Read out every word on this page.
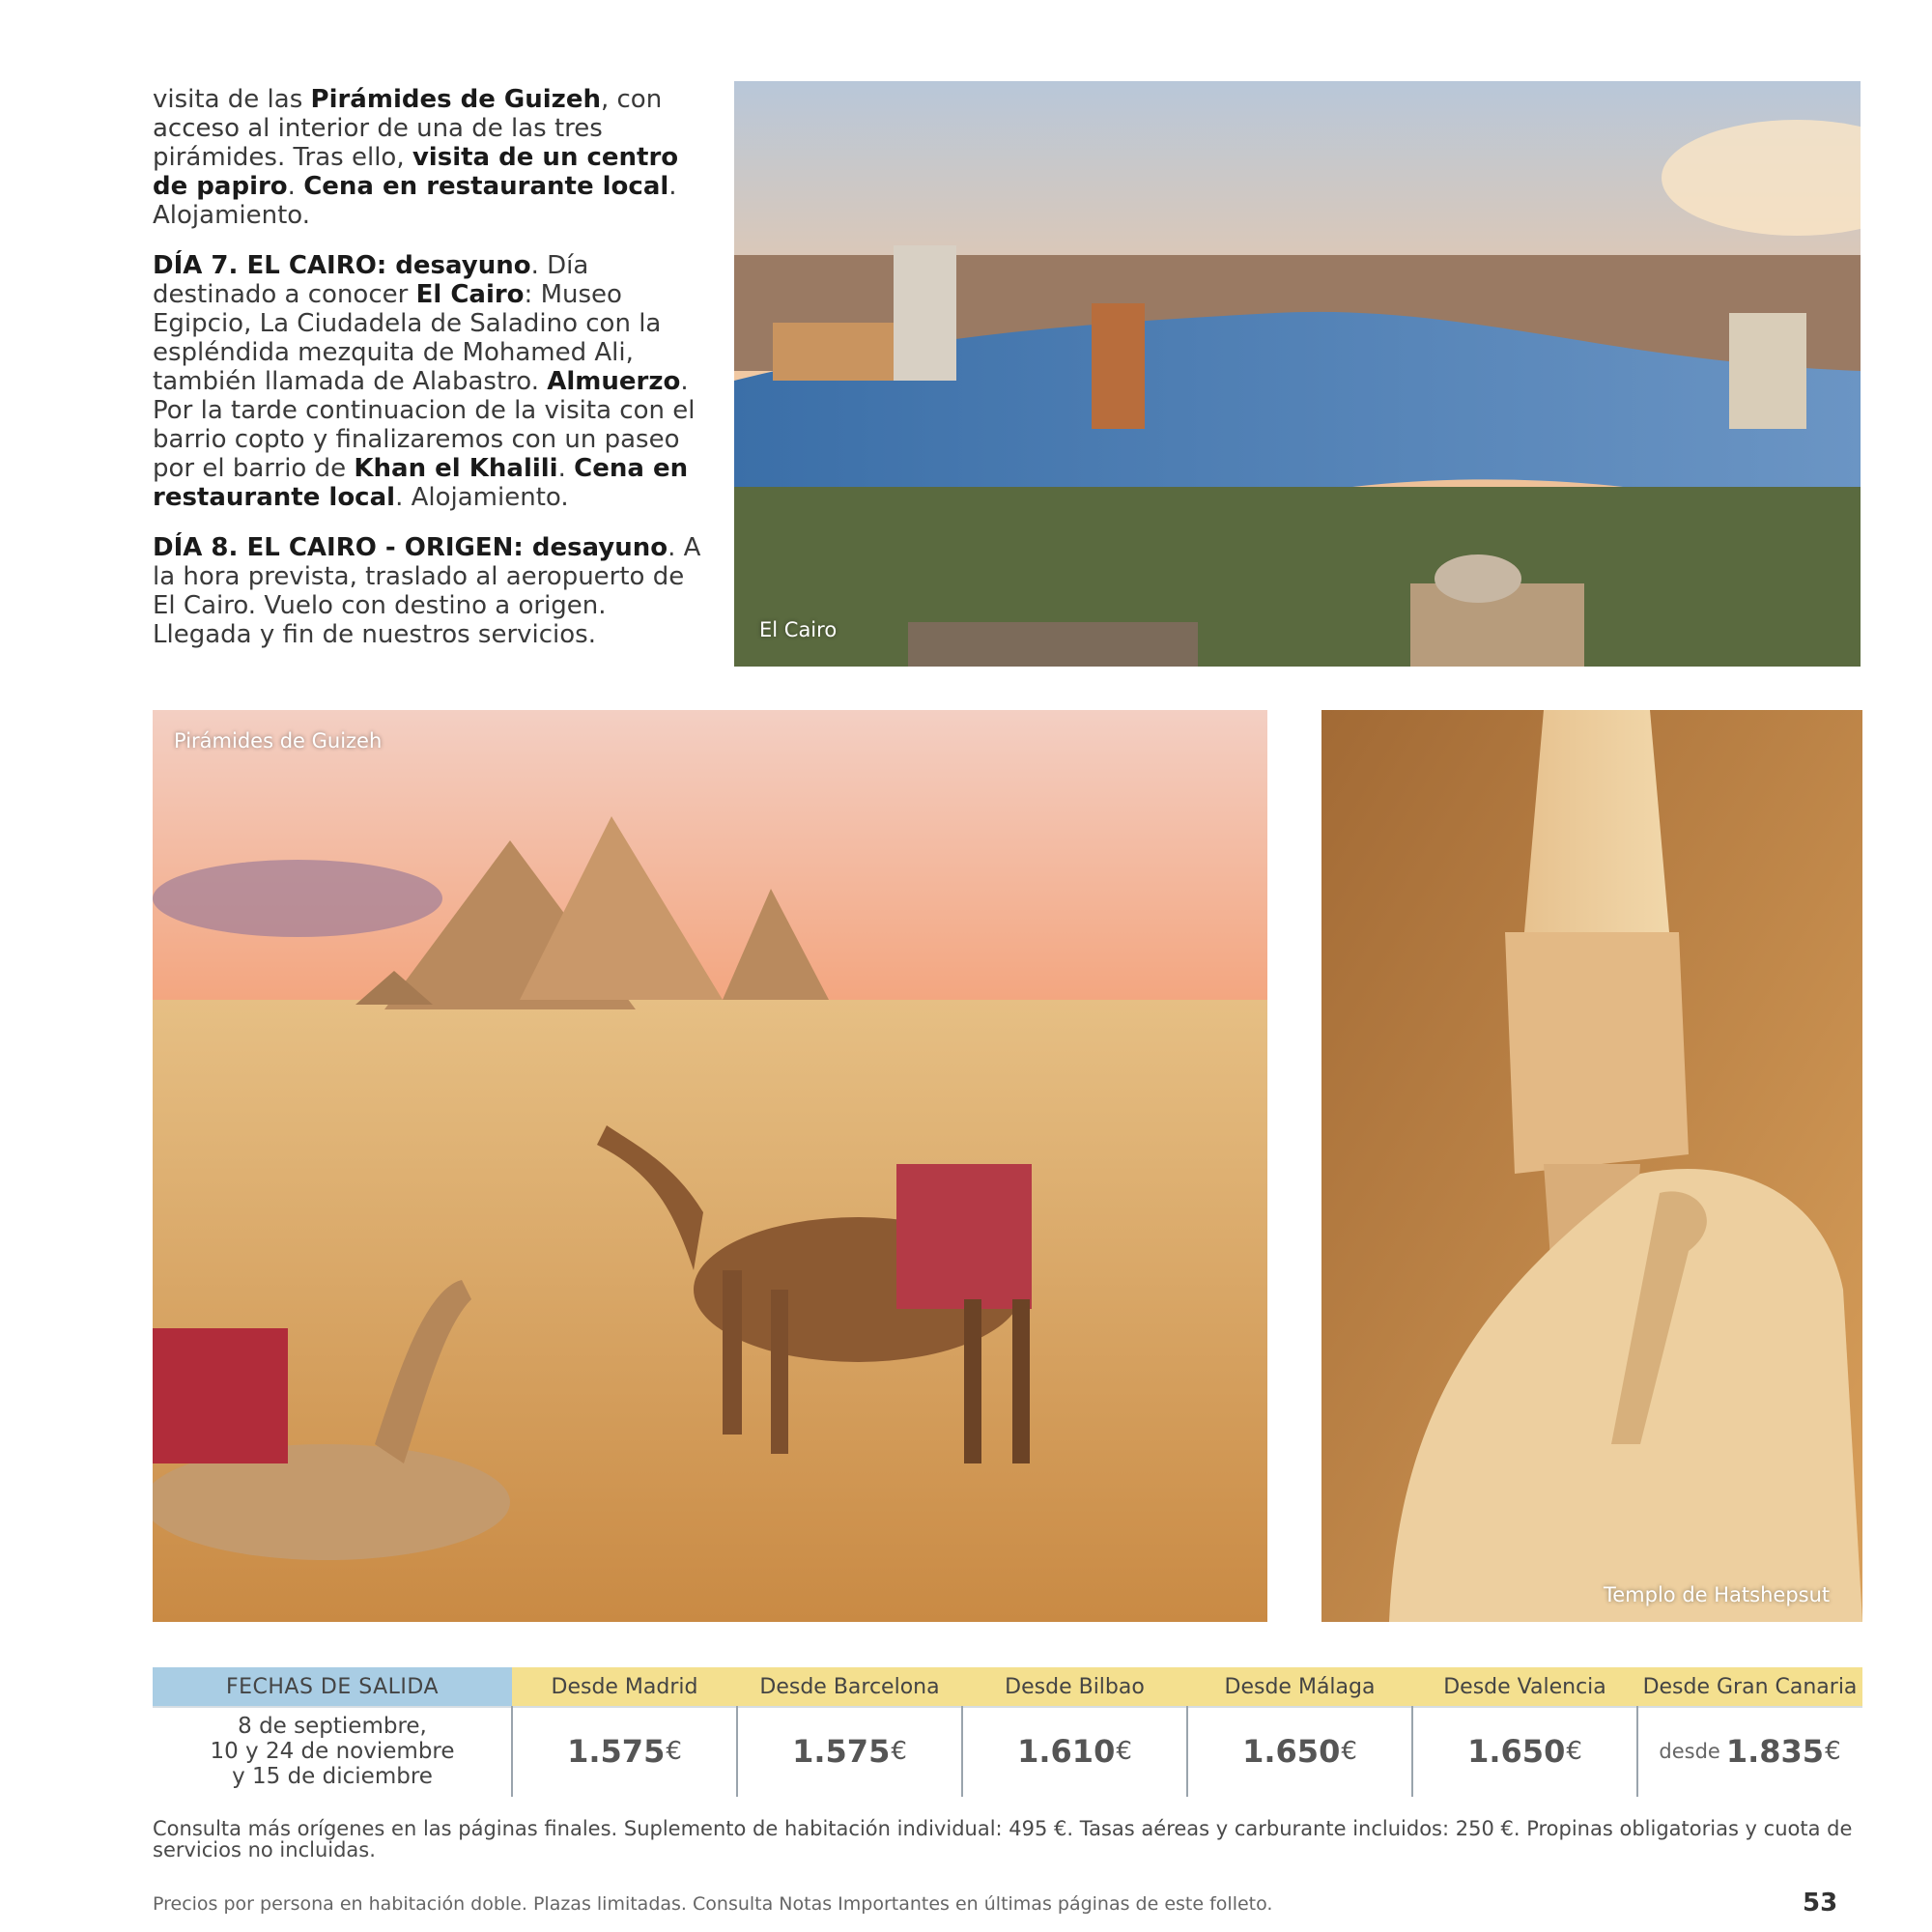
visita de las Pirámides de Guizeh, con acceso al interior de una de las tres pirámides. Tras ello, visita de un centro de papiro. Cena en restaurante local. Alojamiento.

DÍA 7. EL CAIRO: desayuno. Día destinado a conocer El Cairo: Museo Egipcio, La Ciudadela de Saladino con la espléndida mezquita de Mohamed Ali, también llamada de Alabastro. Almuerzo. Por la tarde continuacion de la visita con el barrio copto y finalizaremos con un paseo por el barrio de Khan el Khalili. Cena en restaurante local. Alojamiento.

DÍA 8. EL CAIRO - ORIGEN: desayuno. A la hora prevista, traslado al aeropuerto de El Cairo. Vuelo con destino a origen. Llegada y fin de nuestros servicios.	El Cairo
Pirámides de Guizeh
Templo de Hatshepsut
FECHAS DE SALIDA	Desde Madrid	Desde Barcelona	Desde Bilbao	Desde Málaga	Desde Valencia	Desde Gran Canaria
8 de septiembre,
10 y 24 de noviembre
y 15 de diciembre
1.575 €	1.575 €	1.610 €	1.650 €	1.650 €	desde 1.835 €
Consulta más orígenes en las páginas finales. Suplemento de habitación individual: 495 €. Tasas aéreas y carburante incluidos: 250 €. Propinas obligatorias y cuota de servicios no incluidas.
Precios por persona en habitación doble. Plazas limitadas. Consulta Notas Importantes en últimas páginas de este folleto.	53
